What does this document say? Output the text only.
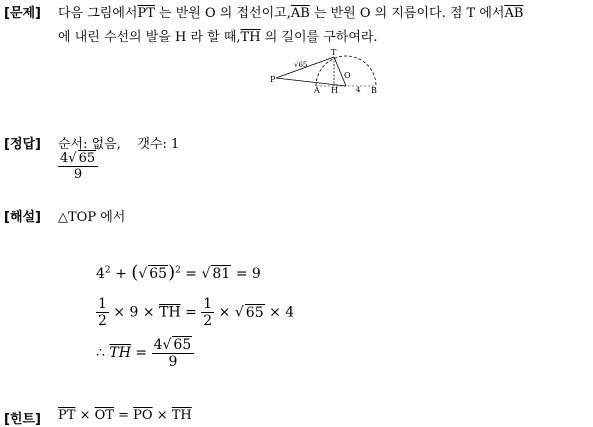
[문제] 다음 그림에서$\overline{PT}$ 는 반원 O 의 접선이고$,\overline{AB}$ 는 반원 O 의 지름이다. 점 T 에서$\overline{AB}$
에 내린 수선의 발을 H 라 할 때$,\overline{TH}$ 의 길이를 구하여라.
P
T
√65
O
A H	4 B
[정답] 순서: 없음, 갯수: 1
$\frac{4√ 65}{9}$
[해설] △TOP 에서
$4^2$ + (√ 65)$^2$ = √ 81 = 9
$\frac{1}{2} \times 9 \times \overline{TH} = \frac{1}{2}$ × √ 65 × 4
∴ $\overline{TH} = \frac{4√ 65}{9}$
[힌트] $\overline{PT} \times \overline{OT} = \overline{PO} \times \overline{TH}$
